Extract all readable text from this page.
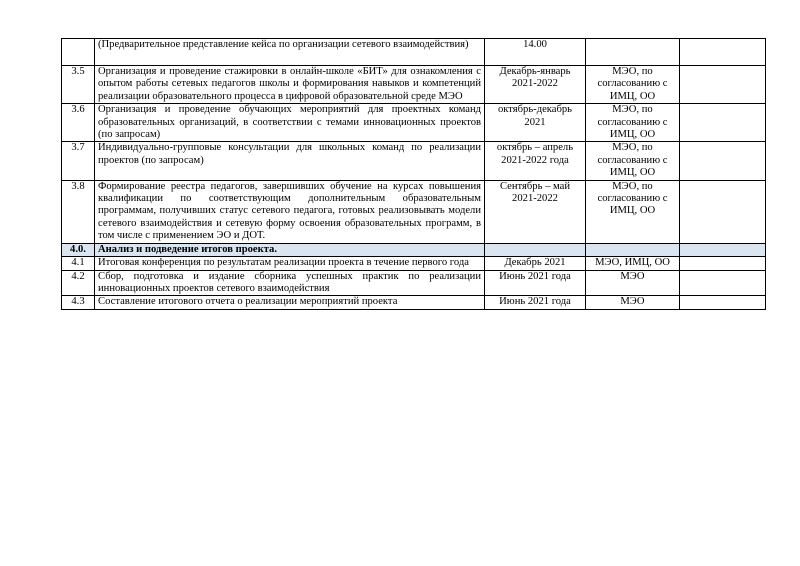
	(Предварительное представление кейса по организации сетевого взаимодействия)	14.00		
3.5	Организация и проведение стажировки в онлайн-школе «БИТ» для ознакомления с опытом работы сетевых педагогов школы и формирования навыков и компетенций реализации образовательного процесса в цифровой образовательной среде МЭО	Декабрь-январь 2021-2022	МЭО, по согласованию с ИМЦ, ОО	
3.6	Организация и проведение обучающих мероприятий для проектных команд образовательных организаций, в соответствии с темами инновационных проектов (по запросам)	октябрь-декабрь 2021	МЭО, по согласованию с ИМЦ, ОО	
3.7	Индивидуально-групповые консультации для школьных команд по реализации проектов (по запросам)	октябрь – апрель 2021-2022 года	МЭО, по согласованию с ИМЦ, ОО	
3.8	Формирование реестра педагогов, завершивших обучение на курсах повышения квалификации по соответствующим дополнительным образовательным программам, получивших статус сетевого педагога, готовых реализовывать модели сетевого взаимодействия и сетевую форму освоения образовательных программ, в том числе с применением ЭО и ДОТ.	Сентябрь – май 2021-2022	МЭО, по согласованию с ИМЦ, ОО	
4.0.	Анализ и подведение итогов проекта.			
4.1	Итоговая конференция по результатам реализации проекта в течение первого года	Декабрь 2021	МЭО, ИМЦ, ОО	
4.2	Сбор, подготовка и издание сборника успешных практик по реализации инновационных проектов сетевого взаимодействия	Июнь 2021 года	МЭО	
4.3	Составление итогового отчета о реализации мероприятий проекта	Июнь 2021 года	МЭО	
